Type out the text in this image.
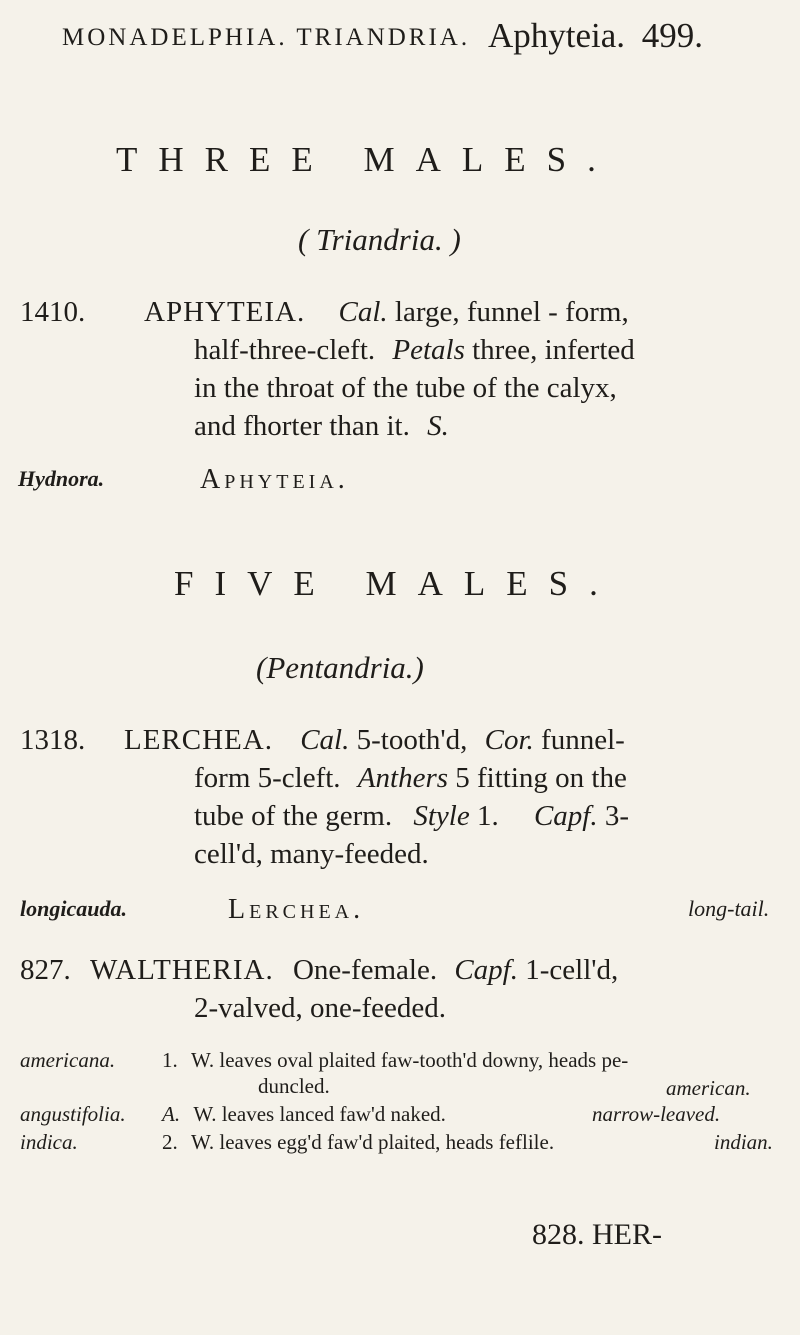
MONADELPHIA. TRIANDRIA. Aphyteia. 499.
THREE MALES.
( Triandria. )
1410. APHYTEIA. Cal. large, funnel - form,
half-three-cleft. Petals three, inferted
in the throat of the tube of the calyx,
and fhorter than it. S.
Hydnora.	Aphyteia.
FIVE MALES.
(Pentandria.)
1318. LERCHEA. Cal. 5-tooth'd, Cor. funnel-
form 5-cleft. Anthers 5 fitting on the
tube of the germ. Style 1. Capf. 3-
cell'd, many-feeded.
longicauda.	Lerchea.	long-tail.
827. WALTHERIA. One-female. Capf. 1-cell'd,
2-valved, one-feeded.
americana. 1. W. leaves oval plaited faw-tooth'd downy, heads pe-
duncled.	american.
angustifolia. A. W. leaves lanced faw'd naked.	narrow-leaved.
indica.	2. W. leaves egg'd faw'd plaited, heads feflile.	indian.
828. HER-
